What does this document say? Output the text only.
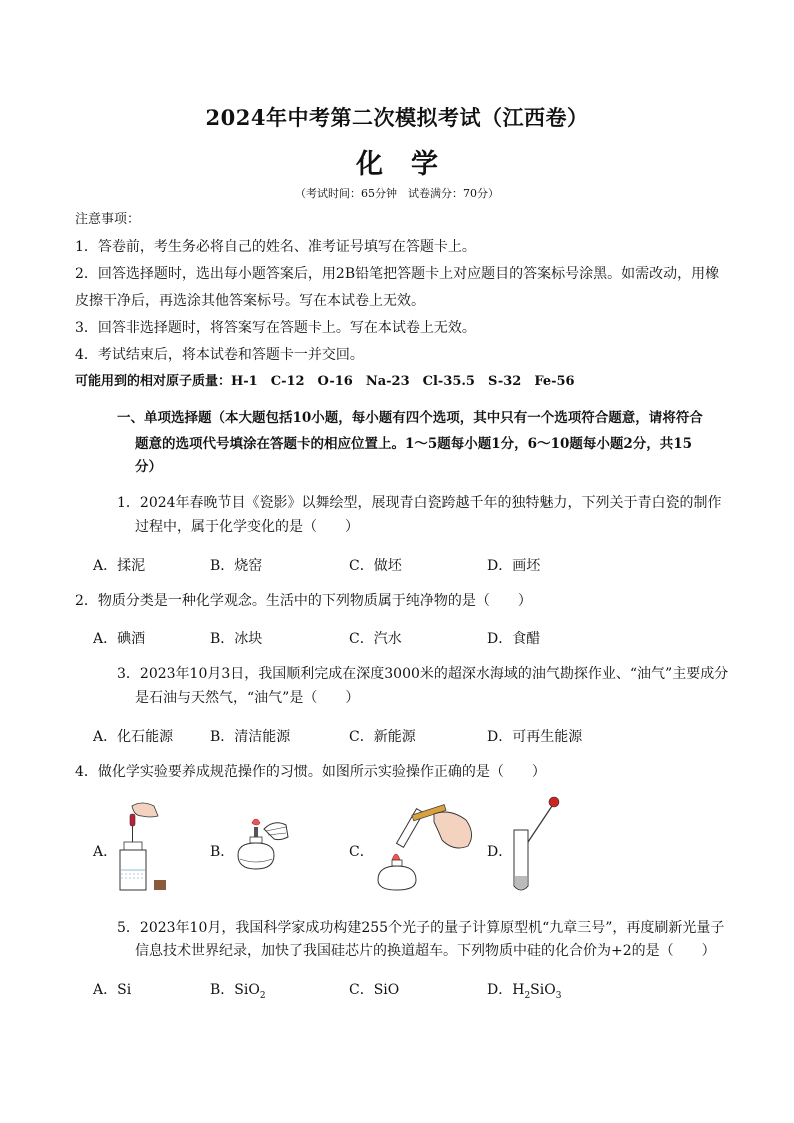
2024年中考第二次模拟考试（江西卷）
化学
（考试时间：65分钟　试卷满分：70分）
注意事项：
1．答卷前，考生务必将自己的姓名、准考证号填写在答题卡上。
2．回答选择题时，选出每小题答案后，用2B铅笔把答题卡上对应题目的答案标号涂黑。如需改动，用橡
皮擦干净后，再选涂其他答案标号。写在本试卷上无效。
3．回答非选择题时，将答案写在答题卡上。写在本试卷上无效。
4．考试结束后，将本试卷和答题卡一并交回。
可能用到的相对原子质量：H-1　C-12　O-16　Na-23　Cl-35.5　S-32　Fe-56
一、单项选择题（本大题包括10小题，每小题有四个选项，其中只有一个选项符合题意，请将符合
题意的选项代号填涂在答题卡的相应位置上。1～5题每小题1分，6～10题每小题2分，共15
分）
1．2024年春晚节目《瓷影》以舞绘型，展现青白瓷跨越千年的独特魅力，下列关于青白瓷的制作
过程中，属于化学变化的是（　　）
A．揉泥	B．烧窑	C．做坯	D．画坯
2．物质分类是一种化学观念。生活中的下列物质属于纯净物的是（　　）
A．碘酒	B．冰块	C．汽水	D．食醋
3．2023年10月3日，我国顺利完成在深度3000米的超深水海域的油气勘探作业、“油气”主要成分
是石油与天然气，“油气”是（　　）
A．化石能源	B．清洁能源	C．新能源	D．可再生能源
4．做化学实验要养成规范操作的习惯。如图所示实验操作正确的是（　　）
A．	B．	C．	D．
5．2023年10月，我国科学家成功构建255个光子的量子计算原型机“九章三号”，再度刷新光量子
信息技术世界纪录，加快了我国硅芯片的换道超车。下列物质中硅的化合价为+2的是（　　）
A．Si	B．SiO$_2$	C．SiO	D．$H_2SiO_3$
